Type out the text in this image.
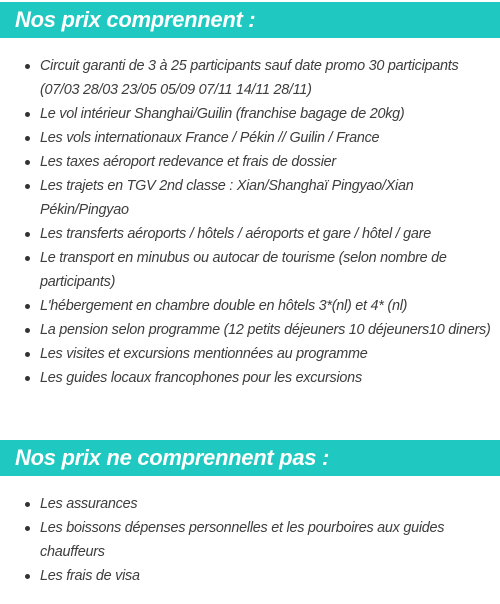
Nos prix comprennent :
Circuit garanti de 3 à 25 participants sauf date promo 30 participants (07/03 28/03 23/05 05/09 07/11 14/11 28/11)
Le vol intérieur Shanghai/Guilin (franchise bagage de 20kg)
Les vols internationaux France / Pékin // Guilin / France
Les taxes aéroport redevance et frais de dossier
Les trajets en TGV 2nd classe : Xian/Shanghaï Pingyao/Xian Pékin/Pingyao
Les transferts aéroports / hôtels / aéroports et gare / hôtel / gare
Le transport en minubus ou autocar de tourisme (selon nombre de participants)
L'hébergement en chambre double en hôtels 3*(nl) et 4* (nl)
La pension selon programme (12 petits déjeuners 10 déjeuners10 diners)
Les visites et excursions mentionnées au programme
Les guides locaux francophones pour les excursions
Nos prix ne comprennent pas :
Les assurances
Les boissons dépenses personnelles et les pourboires aux guides chauffeurs
Les frais de visa
